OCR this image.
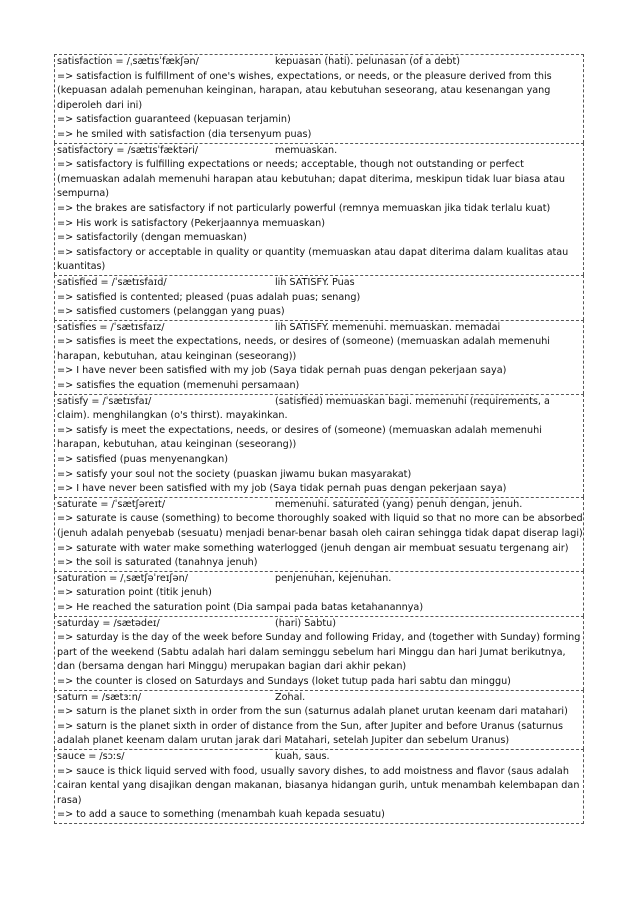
satisfaction = /ˌsætɪsˈfækʃən/	kepuasan (hati). pelunasan (of a debt)
=> satisfaction is fulfillment of one's wishes, expectations, or needs, or the pleasure derived from this (kepuasan adalah pemenuhan keinginan, harapan, atau kebutuhan seseorang, atau kesenangan yang diperoleh dari ini)
=> satisfaction guaranteed (kepuasan terjamin)
=> he smiled with satisfaction (dia tersenyum puas)
satisfactory = /sætɪsˈfæktəri/	memuaskan.
=> satisfactory is fulfilling expectations or needs; acceptable, though not outstanding or perfect (memuaskan adalah memenuhi harapan atau kebutuhan; dapat diterima, meskipun tidak luar biasa atau sempurna)
=> the brakes are satisfactory if not particularly powerful (remnya memuaskan jika tidak terlalu kuat)
=> His work is satisfactory (Pekerjaannya memuaskan)
=> satisfactorily (dengan memuaskan)
=> satisfactory or acceptable in quality or quantity (memuaskan atau dapat diterima dalam kualitas atau kuantitas)
satisfied = /ˈsætɪsfaɪd/	lih SATISFY. Puas
=> satisfied is contented; pleased (puas adalah puas; senang)
=> satisfied customers (pelanggan yang puas)
satisfies = /ˈsætɪsfaɪz/	lih SATISFY. memenuhi. memuaskan. memadai
=> satisfies is meet the expectations, needs, or desires of (someone) (memuaskan adalah memenuhi harapan, kebutuhan, atau keinginan (seseorang))
=> I have never been satisfied with my job (Saya tidak pernah puas dengan pekerjaan saya)
=> satisfies the equation (memenuhi persamaan)
satisfy = /ˈsætɪsfaɪ/	(satisfied) memuaskan bagi. memenuhi (requirements, a claim). menghilangkan (o's thirst). mayakinkan.
=> satisfy is meet the expectations, needs, or desires of (someone) (memuaskan adalah memenuhi harapan, kebutuhan, atau keinginan (seseorang))
=> satisfied (puas menyenangkan)
=> satisfy your soul not the society (puaskan jiwamu bukan masyarakat)
=> I have never been satisfied with my job (Saya tidak pernah puas dengan pekerjaan saya)
saturate = /ˈsætʃəreɪt/	memenuhi. saturated (yang) penuh dengan, jenuh.
=> saturate is cause (something) to become thoroughly soaked with liquid so that no more can be absorbed (jenuh adalah penyebab (sesuatu) menjadi benar-benar basah oleh cairan sehingga tidak dapat diserap lagi)
=> saturate with water make something waterlogged (jenuh dengan air membuat sesuatu tergenang air)
=> the soil is saturated (tanahnya jenuh)
saturation = /ˌsætʃəˈreɪʃən/	penjenuhan, kejenuhan.
=> saturation point (titik jenuh)
=> He reached the saturation point (Dia sampai pada batas ketahanannya)
saturday = /sætədeɪ/	(hari) Sabtu)
=> saturday is the day of the week before Sunday and following Friday, and (together with Sunday) forming part of the weekend (Sabtu adalah hari dalam seminggu sebelum hari Minggu dan hari Jumat berikutnya, dan (bersama dengan hari Minggu) merupakan bagian dari akhir pekan)
=> the counter is closed on Saturdays and Sundays (loket tutup pada hari sabtu dan minggu)
saturn = /sætɜːn/	Zohal.
=> saturn is the planet sixth in order from the sun (saturnus adalah planet urutan keenam dari matahari)
=> saturn is the planet sixth in order of distance from the Sun, after Jupiter and before Uranus (saturnus adalah planet keenam dalam urutan jarak dari Matahari, setelah Jupiter dan sebelum Uranus)
sauce = /sɔːs/	kuah, saus.
=> sauce is thick liquid served with food, usually savory dishes, to add moistness and flavor (saus adalah cairan kental yang disajikan dengan makanan, biasanya hidangan gurih, untuk menambah kelembapan dan rasa)
=> to add a sauce to something (menambah kuah kepada sesuatu)
